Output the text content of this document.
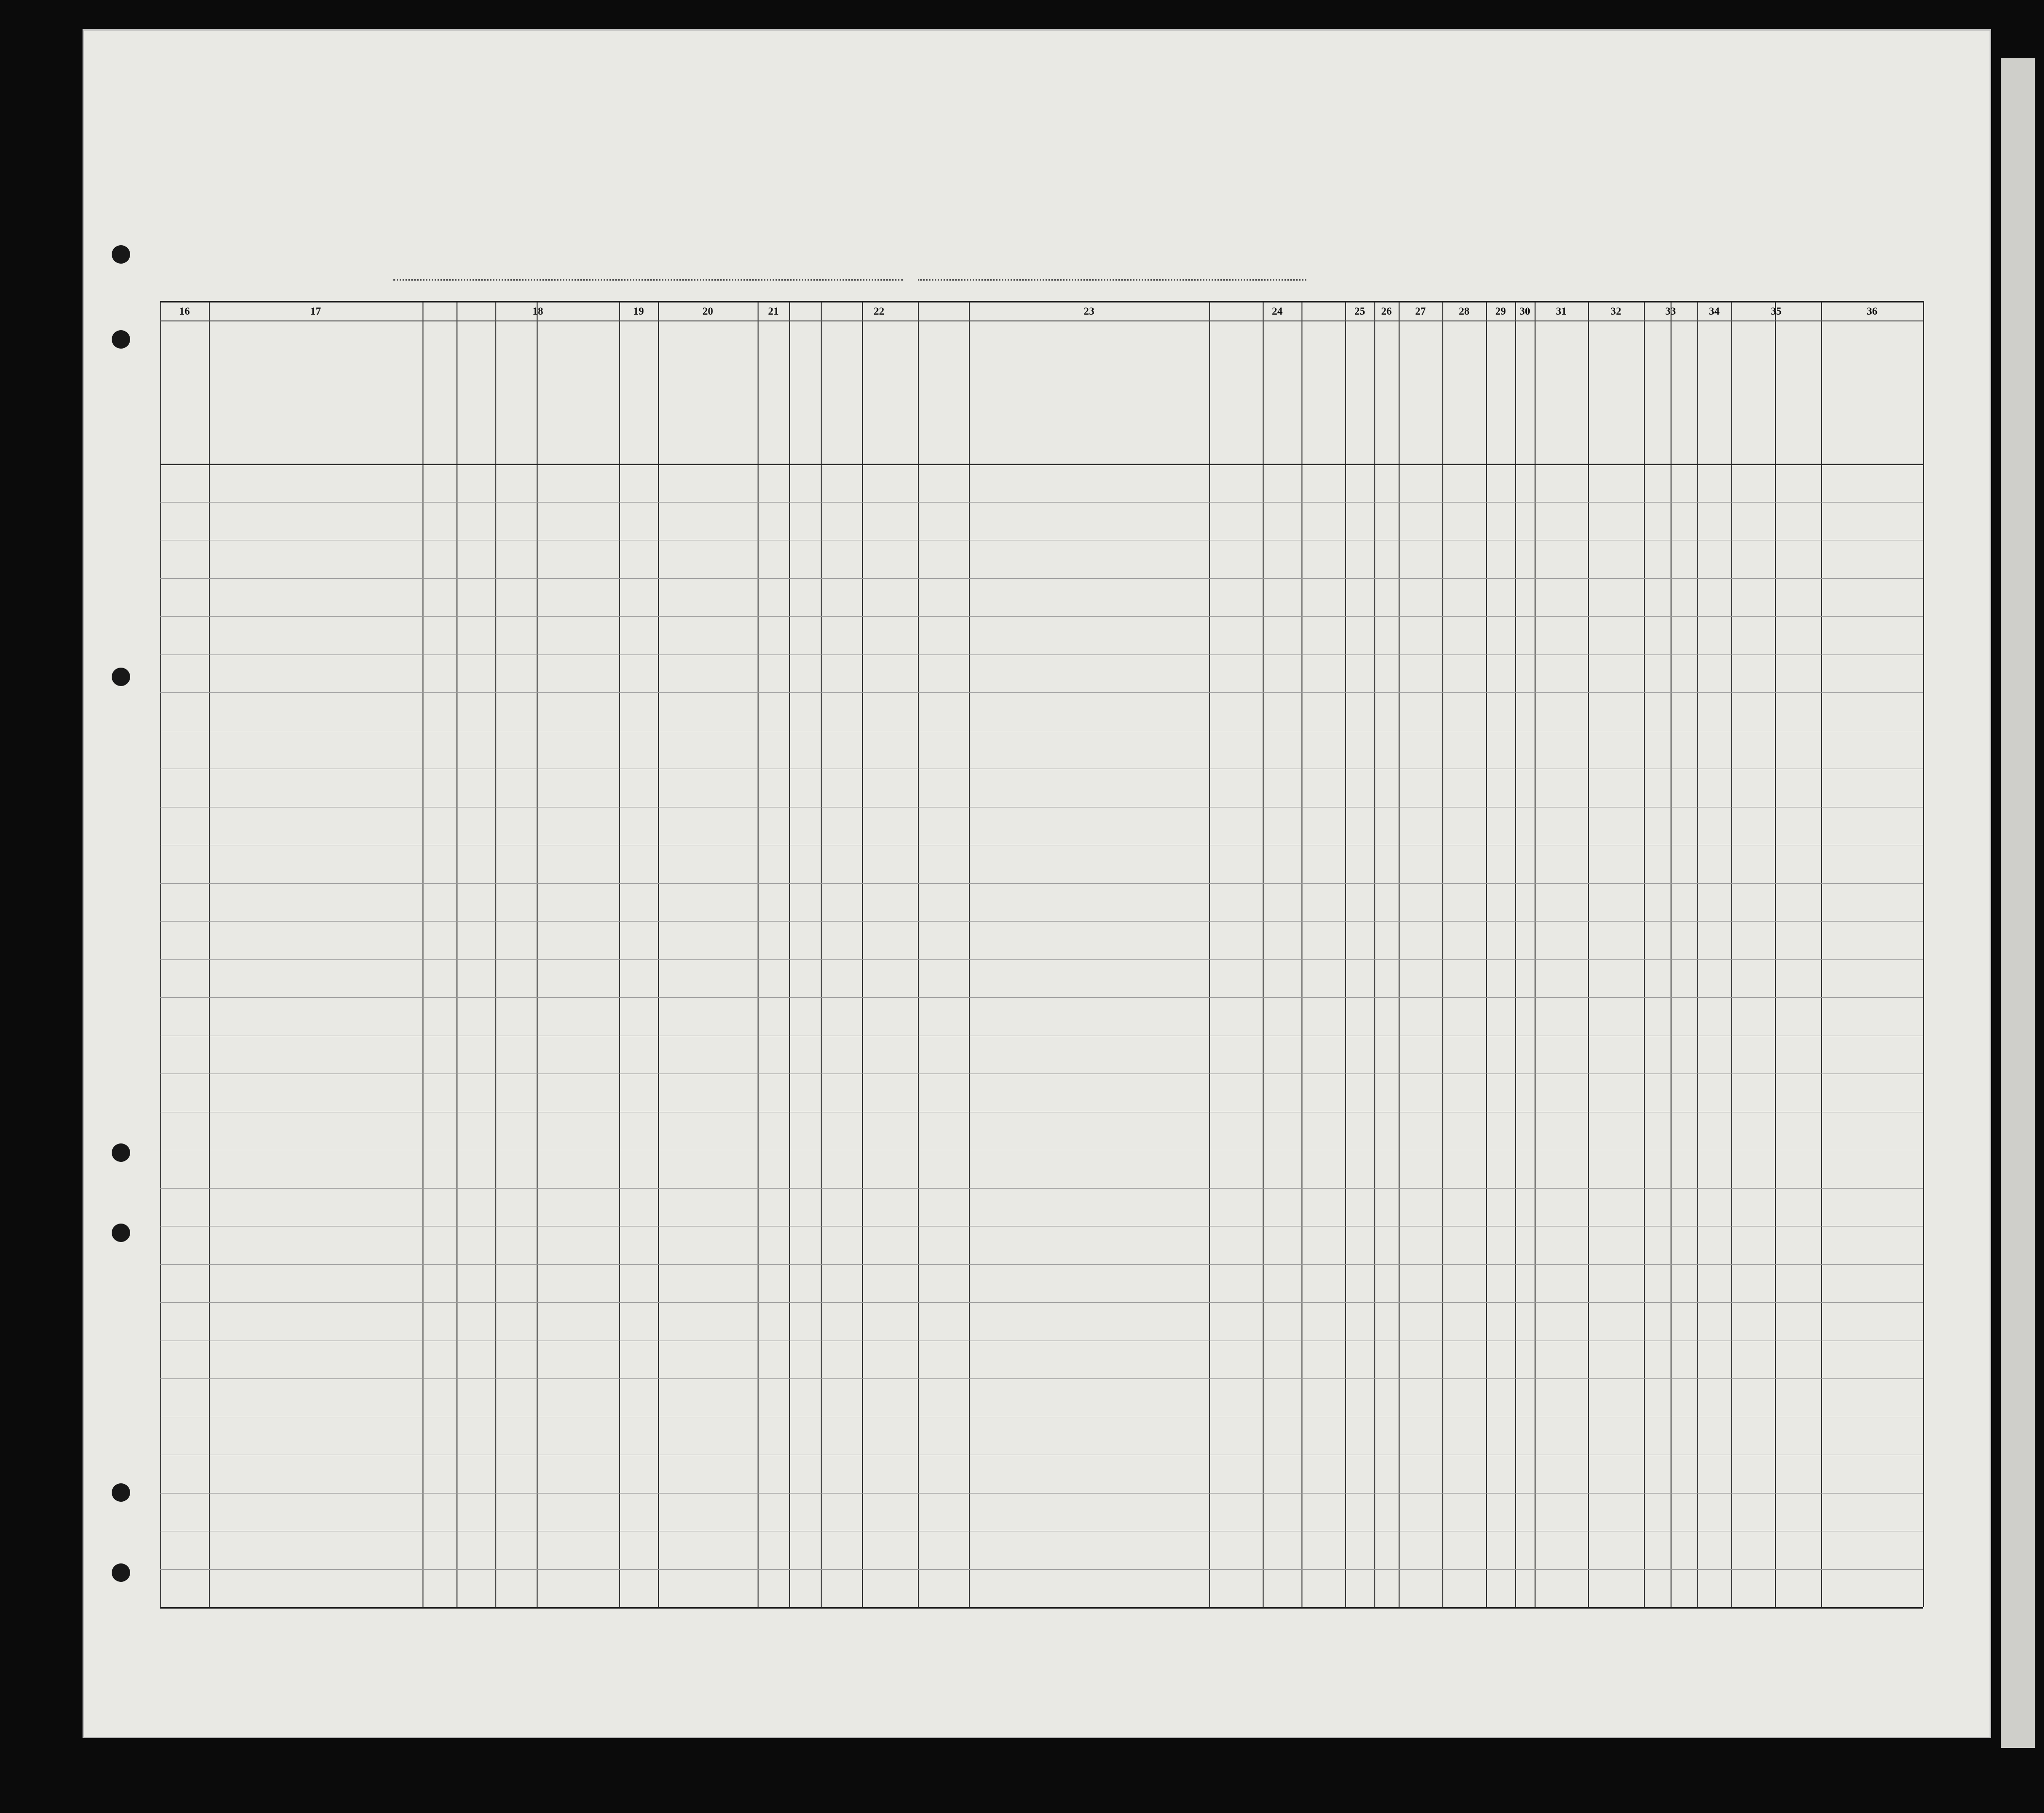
16	17	18	19	20	21	22	23	24	25	26	27	28	29	30	31	32	33	34	35	36
